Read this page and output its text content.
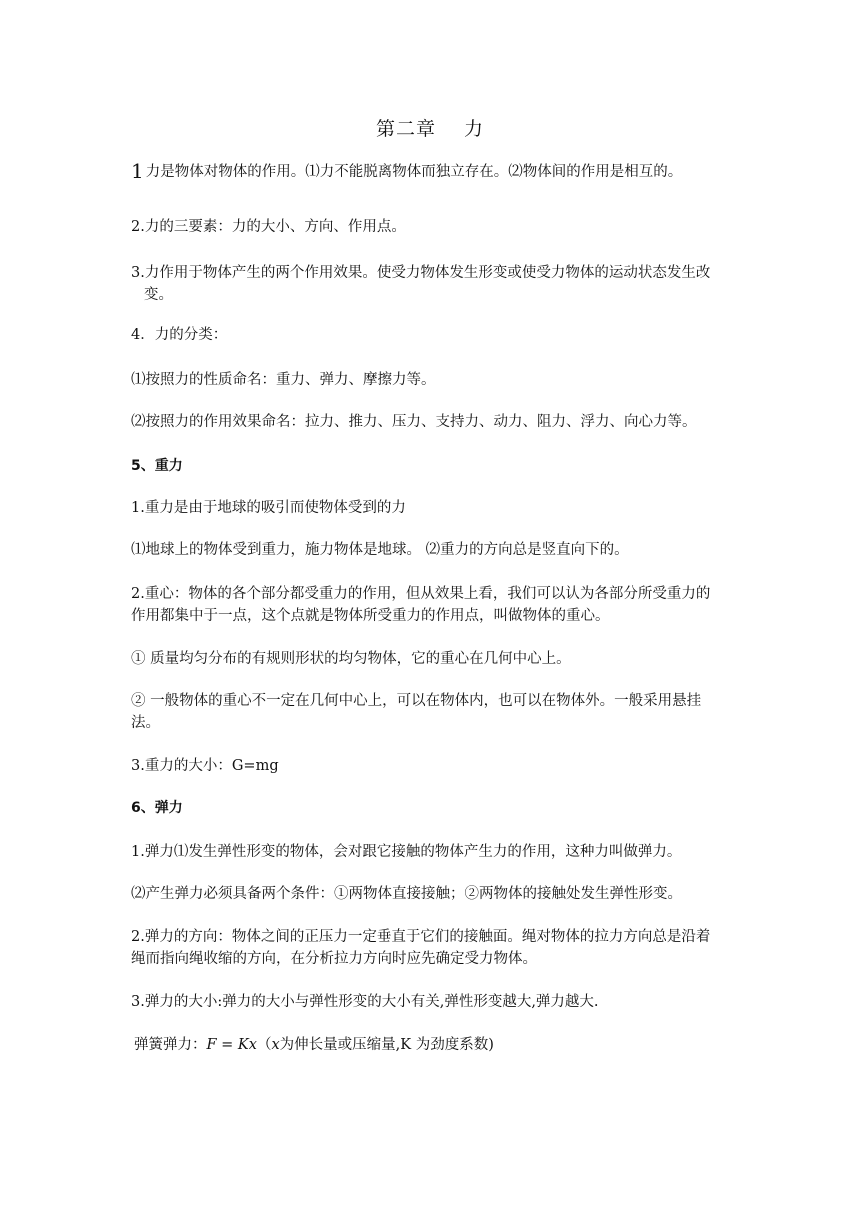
第二章 力
1 力是物体对物体的作用。⑴力不能脱离物体而独立存在。⑵物体间的作用是相互的。
2.力的三要素：力的大小、方向、作用点。
3.力作用于物体产生的两个作用效果。使受力物体发生形变或使受力物体的运动状态发生改
变。
4．力的分类：
⑴按照力的性质命名：重力、弹力、摩擦力等。
⑵按照力的作用效果命名：拉力、推力、压力、支持力、动力、阻力、浮力、向心力等。
5、重力
1.重力是由于地球的吸引而使物体受到的力
⑴地球上的物体受到重力，施力物体是地球。 ⑵重力的方向总是竖直向下的。
2.重心：物体的各个部分都受重力的作用，但从效果上看，我们可以认为各部分所受重力的
作用都集中于一点，这个点就是物体所受重力的作用点，叫做物体的重心。
① 质量均匀分布的有规则形状的均匀物体，它的重心在几何中心上。
② 一般物体的重心不一定在几何中心上，可以在物体内，也可以在物体外。一般采用悬挂
法。
3.重力的大小：G=mg
6、弹力
1.弹力⑴发生弹性形变的物体，会对跟它接触的物体产生力的作用，这种力叫做弹力。
⑵产生弹力必须具备两个条件：①两物体直接接触；②两物体的接触处发生弹性形变。
2.弹力的方向：物体之间的正压力一定垂直于它们的接触面。绳对物体的拉力方向总是沿着
绳而指向绳收缩的方向，在分析拉力方向时应先确定受力物体。
3.弹力的大小:弹力的大小与弹性形变的大小有关,弹性形变越大,弹力越大.
弹簧弹力：F = Kx（x为伸长量或压缩量,K 为劲度系数)
